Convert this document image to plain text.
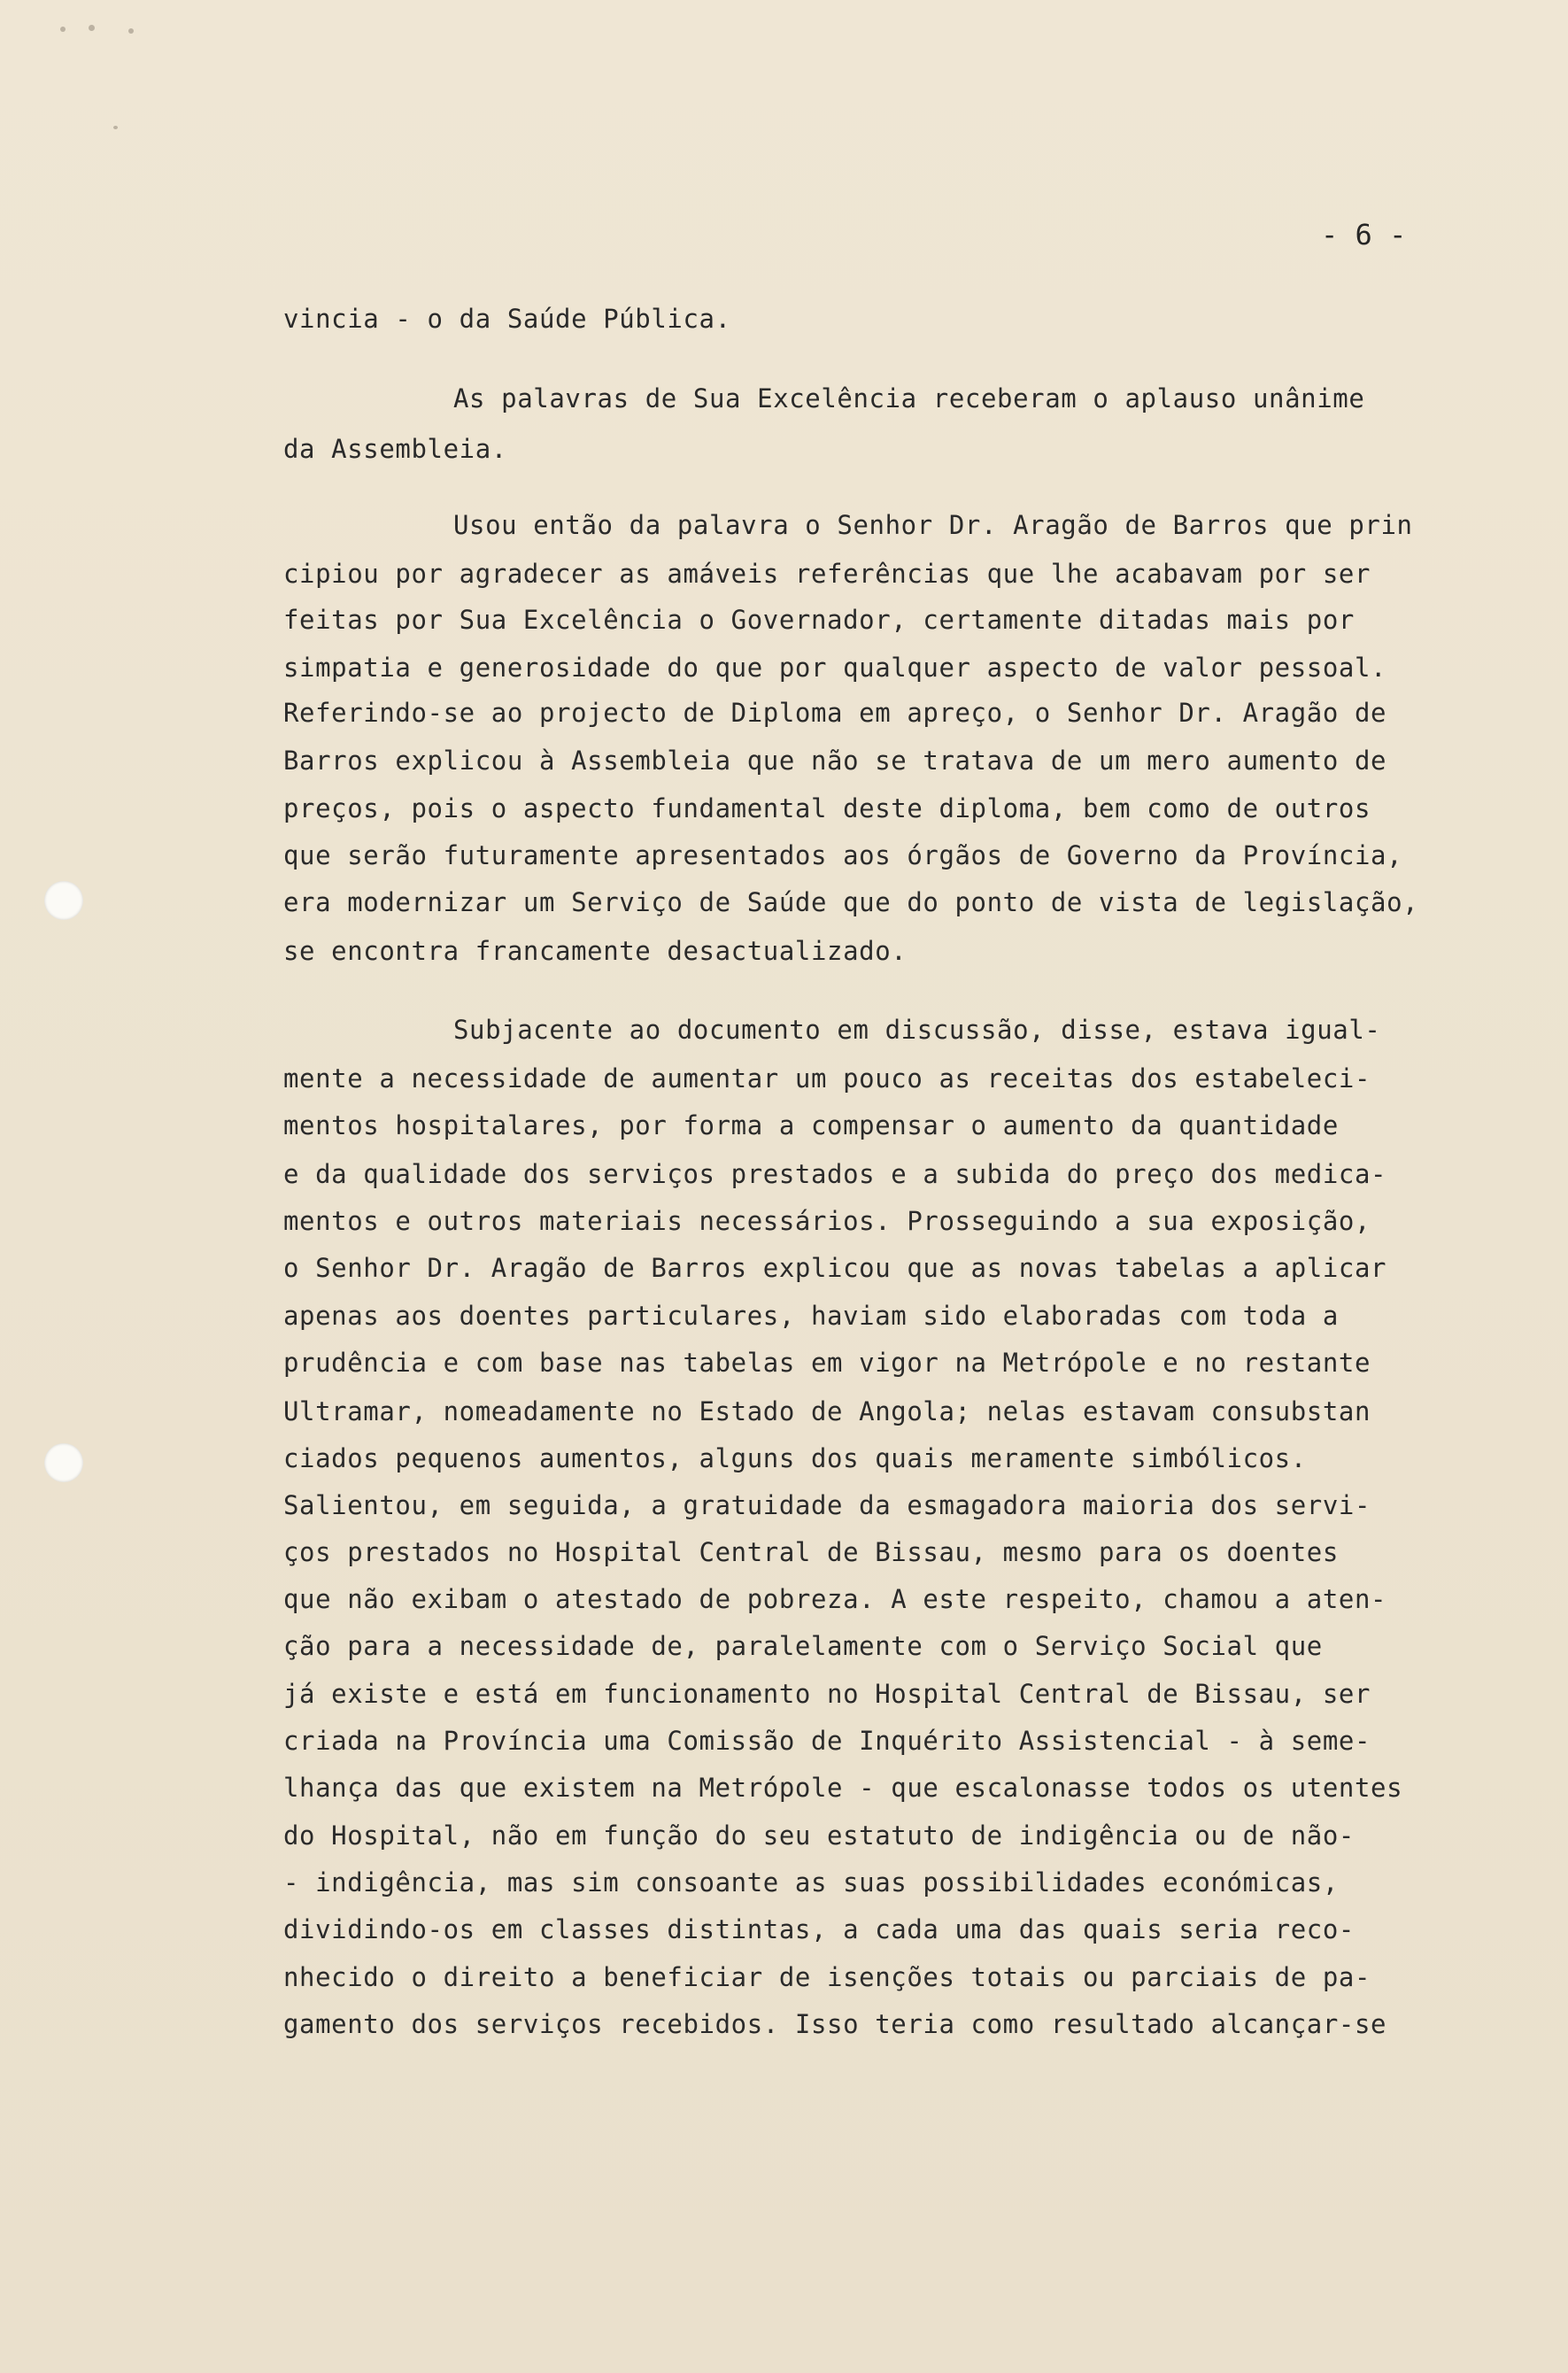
- 6 -
vincia - o da Saúde Pública.
As palavras de Sua Excelência receberam o aplauso unânime
da Assembleia.
Usou então da palavra o Senhor Dr. Aragão de Barros que prin
cipiou por agradecer as amáveis referências que lhe acabavam por ser
feitas por Sua Excelência o Governador, certamente ditadas mais por
simpatia e generosidade do que por qualquer aspecto de valor pessoal.
Referindo-se ao projecto de Diploma em apreço, o Senhor Dr. Aragão de
Barros explicou à Assembleia que não se tratava de um mero aumento de
preços, pois o aspecto fundamental deste diploma, bem como de outros
que serão futuramente apresentados aos órgãos de Governo da Província,
era modernizar um Serviço de Saúde que do ponto de vista de legislação,
se encontra francamente desactualizado.
Subjacente ao documento em discussão, disse, estava igual-
mente a necessidade de aumentar um pouco as receitas dos estabeleci-
mentos hospitalares, por forma a compensar o aumento da quantidade
e da qualidade dos serviços prestados e a subida do preço dos medica-
mentos e outros materiais necessários. Prosseguindo a sua exposição,
o Senhor Dr. Aragão de Barros explicou que as novas tabelas a aplicar
apenas aos doentes particulares, haviam sido elaboradas com toda a
prudência e com base nas tabelas em vigor na Metrópole e no restante
Ultramar, nomeadamente no Estado de Angola; nelas estavam consubstan
ciados pequenos aumentos, alguns dos quais meramente simbólicos.
Salientou, em seguida, a gratuidade da esmagadora maioria dos servi-
ços prestados no Hospital Central de Bissau, mesmo para os doentes
que não exibam o atestado de pobreza. A este respeito, chamou a aten-
ção para a necessidade de, paralelamente com o Serviço Social que
já existe e está em funcionamento no Hospital Central de Bissau, ser
criada na Província uma Comissão de Inquérito Assistencial - à seme-
lhança das que existem na Metrópole - que escalonasse todos os utentes
do Hospital, não em função do seu estatuto de indigência ou de não-
- indigência, mas sim consoante as suas possibilidades económicas,
dividindo-os em classes distintas, a cada uma das quais seria reco-
nhecido o direito a beneficiar de isenções totais ou parciais de pa-
gamento dos serviços recebidos. Isso teria como resultado alcançar-se
